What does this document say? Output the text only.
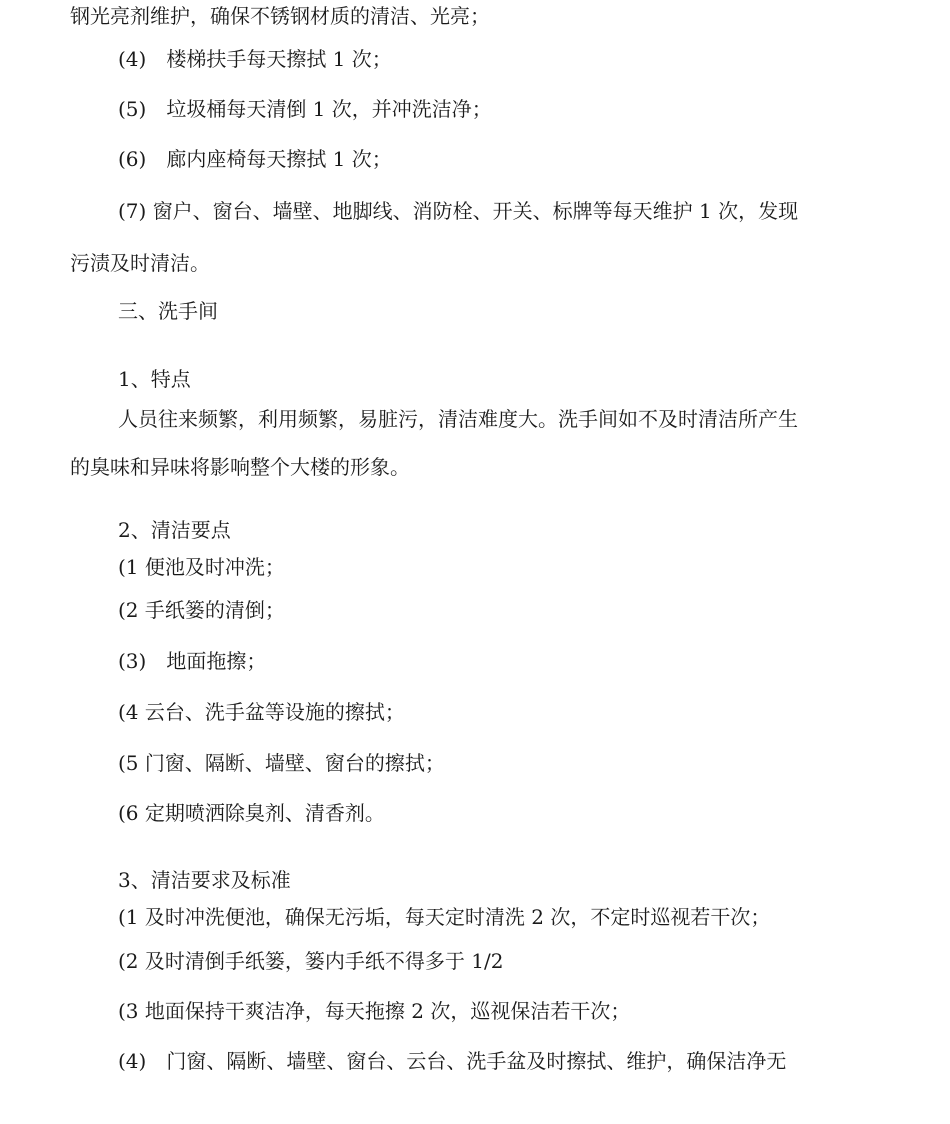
钢光亮剂维护，确保不锈钢材质的清洁、光亮；
(4)　楼梯扶手每天擦拭 1 次；
(5)　垃圾桶每天清倒 1 次，并冲洗洁净；
(6)　廊内座椅每天擦拭 1 次；
(7) 窗户、窗台、墙壁、地脚线、消防栓、开关、标牌等每天维护 1 次，发现
污渍及时清洁。
三、洗手间
1、特点
人员往来频繁，利用频繁，易脏污，清洁难度大。洗手间如不及时清洁所产生
的臭味和异味将影响整个大楼的形象。
2、清洁要点
(1 便池及时冲洗；
(2 手纸篓的清倒；
(3)　地面拖擦；
(4 云台、洗手盆等设施的擦拭；
(5 门窗、隔断、墙壁、窗台的擦拭；
(6 定期喷洒除臭剂、清香剂。
3、清洁要求及标准
(1 及时冲洗便池，确保无污垢，每天定时清洗 2 次，不定时巡视若干次；
(2 及时清倒手纸篓，篓内手纸不得多于 1/2
(3 地面保持干爽洁净，每天拖擦 2 次，巡视保洁若干次；
(4)　门窗、隔断、墙壁、窗台、云台、洗手盆及时擦拭、维护，确保洁净无
